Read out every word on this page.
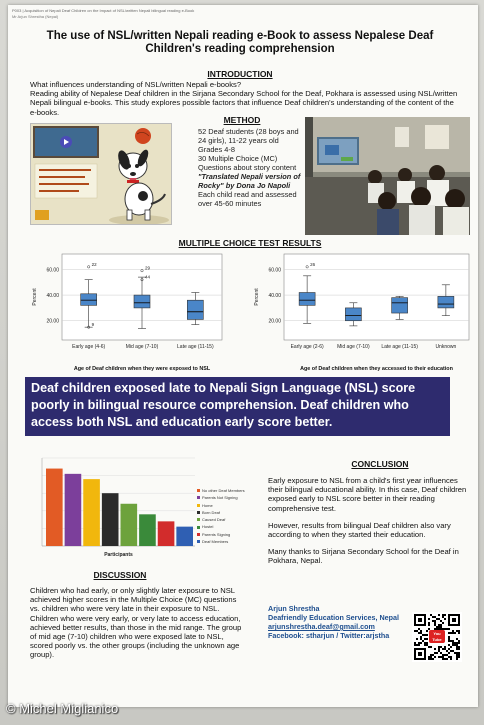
P003 | Acquisition of Nepali Deaf Children on the Impact of NSL/written Nepali bilingual reading e-Book
Mr Arjun Shrestha (Nepal)
The use of NSL/written Nepali reading e-Book to assess Nepalese Deaf Children's reading comprehension
INTRODUCTION

What influences understanding of NSL/written Nepali e-books?

Reading ability of Nepalese Deaf children in the Sirjana Secondary School for the Deaf, Pokhara is assessed using NSL/written Nepali bilingual e-books. This study explores possible factors that influence Deaf children's understanding of the content of the e-books.

METHOD
52 Deaf students (28 boys and 24 girls), 11-22 years old
Grades 4-8
30 Multiple Choice (MC) Questions about story content
"Translated Nepali version of Rocky" by Dona Jo Napoli
Each child read and assessed over 45-60 minutes
MULTIPLE CHOICE TEST RESULTS
20.00
40.00
60.00
Percent
Early age (4-6)	Mid age (7-10)	Late age (11-15)
9
22
29
44
Age of Deaf children when they were exposed to NSL
20.00
40.00
60.00
Percent
Early age (2-6)	Mid age (7-10) Late age (11-15)	Unknown
26
Age of Deaf children when they accessed to their education
Deaf children exposed late to Nepali Sign Language (NSL) score poorly in bilingual resource comprehension. Deaf children who access both NSL and education early score better.
Participants
No other Deaf Members
Parents Not Signing
Home
Born Deaf
Caused Deaf
Hostel
Parents Signing
Deaf Members
DISCUSSION

Children who had early, or only slightly later exposure to NSL achieved higher scores in the Multiple Choice (MC) questions vs. children who were very late in their exposure to NSL.

Children who were very early, or very late to access education, achieved better results, than those in the mid range. The group of mid age (7-10) children who were exposed late to NSL, scored poorly vs. the other groups (including the unknown age group).

CONCLUSION

Early exposure to NSL from a child's first year influences their bilingual educational ability. In this case, Deaf children exposed early to NSL score better in their reading comprehensive test.

However, results from bilingual Deaf children also vary according to when they started their education.

Many thanks to Sirjana Secondary School for the Deaf in Pokhara, Nepal.

Arjun Shrestha
Deafriendly Education Services, Nepal
arjunshrestha.deaf@gmail.com
Facebook: stharjun / Twitter:arjstha	You Tube
© Michel Miglianico
